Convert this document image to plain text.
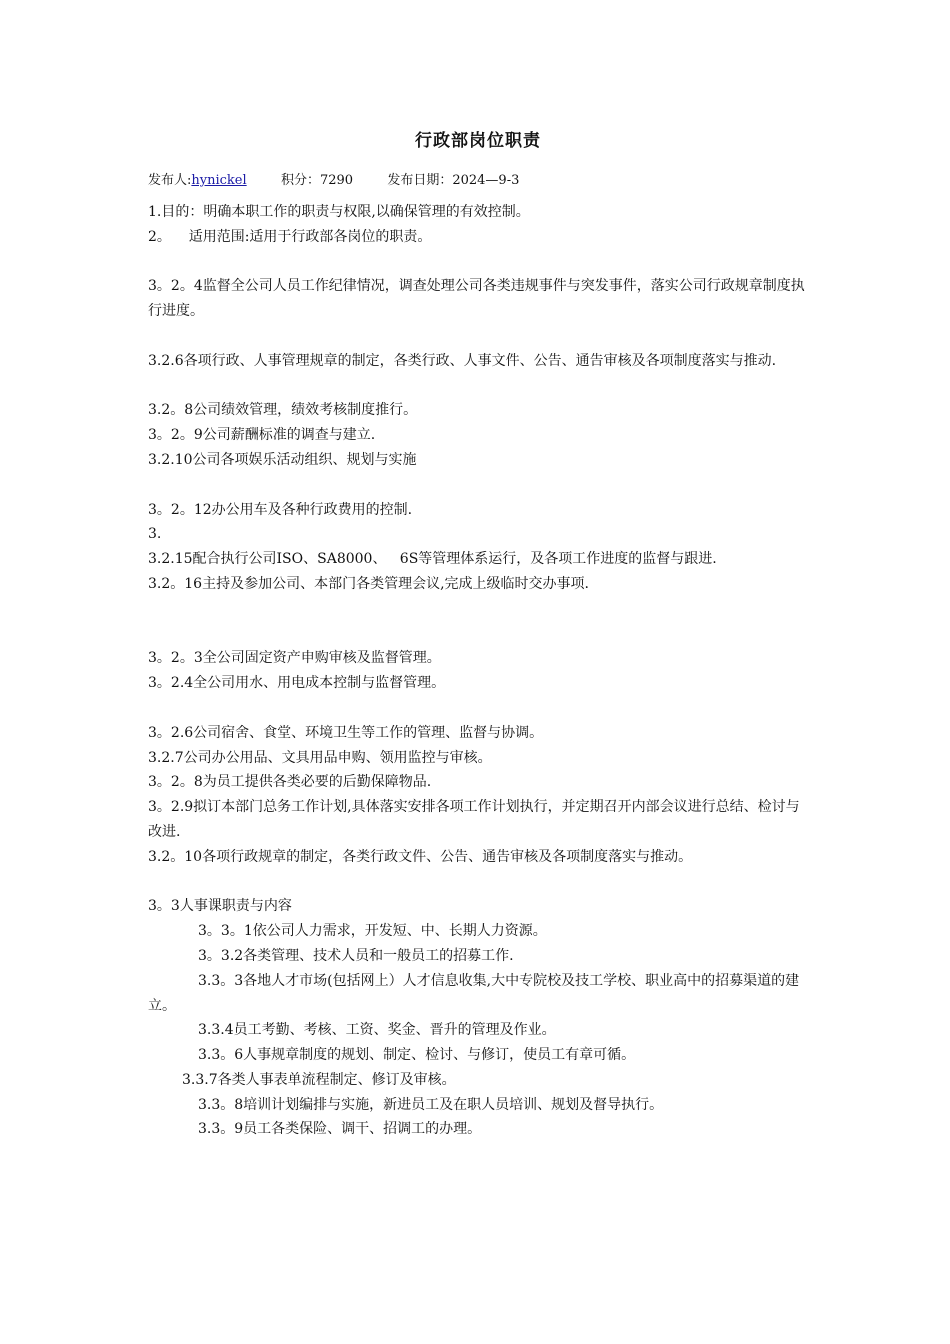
行政部岗位职责
发布人:hynickel	积分：7290	发布日期：2024—9-3
1.目的：明确本职工作的职责与权限,以确保管理的有效控制。
2。    适用范围:适用于行政部各岗位的职责。
3。2。4监督全公司人员工作纪律情况，调查处理公司各类违规事件与突发事件，落实公司行政规章制度执行进度。
3.2.6各项行政、人事管理规章的制定，各类行政、人事文件、公告、通告审核及各项制度落实与推动.
3.2。8公司绩效管理，绩效考核制度推行。
3。2。9公司薪酬标准的调查与建立.
3.2.10公司各项娱乐活动组织、规划与实施
3。2。12办公用车及各种行政费用的控制.
3.
3.2.15配合执行公司ISO、SA8000、   6S等管理体系运行，及各项工作进度的监督与跟进.
3.2。16主持及参加公司、本部门各类管理会议,完成上级临时交办事项.
3。2。3全公司固定资产申购审核及监督管理。
3。2.4全公司用水、用电成本控制与监督管理。
3。2.6公司宿舍、食堂、环境卫生等工作的管理、监督与协调。
3.2.7公司办公用品、文具用品申购、领用监控与审核。
3。2。8为员工提供各类必要的后勤保障物品.
3。2.9拟订本部门总务工作计划,具体落实安排各项工作计划执行，并定期召开内部会议进行总结、检讨与改进.
3.2。10各项行政规章的制定，各类行政文件、公告、通告审核及各项制度落实与推动。
3。3人事课职责与内容
3。3。1依公司人力需求，开发短、中、长期人力资源。
3。3.2各类管理、技术人员和一般员工的招募工作.
3.3。3各地人才市场(包括网上）人才信息收集,大中专院校及技工学校、职业高中的招募渠道的建立。
3.3.4员工考勤、考核、工资、奖金、晋升的管理及作业。
3.3。6人事规章制度的规划、制定、检讨、与修订，使员工有章可循。
3.3.7各类人事表单流程制定、修订及审核。
3.3。8培训计划编排与实施，新进员工及在职人员培训、规划及督导执行。
3.3。9员工各类保险、调干、招调工的办理。
